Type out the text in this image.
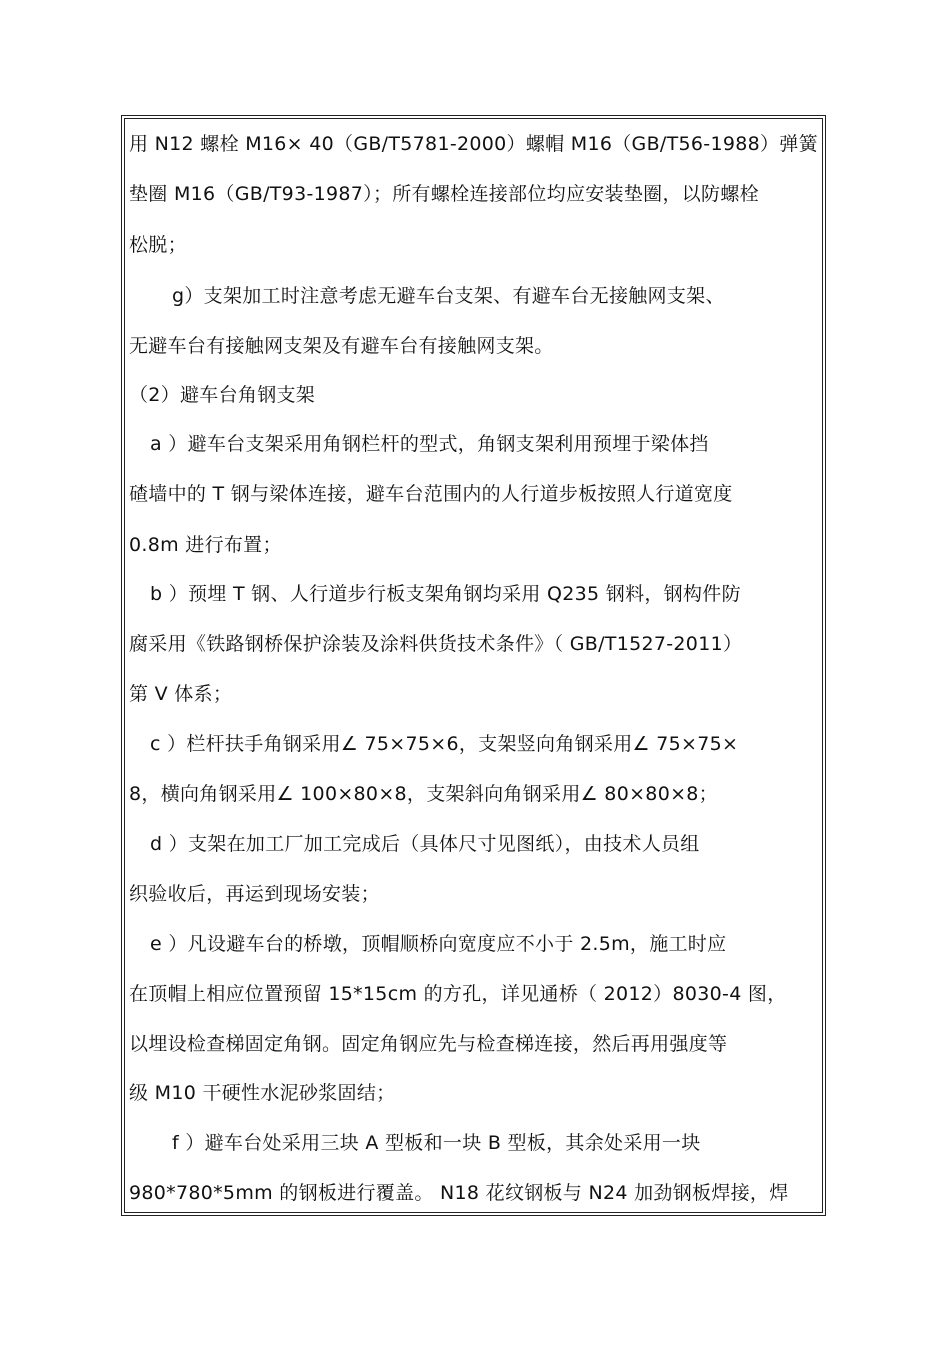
用 N12 螺栓 M16× 40（GB/T5781-2000）螺帽 M16（GB/T56-1988）弹簧
垫圈 M16（GB/T93-1987）；所有螺栓连接部位均应安装垫圈，以防螺栓
松脱；
g）支架加工时注意考虑无避车台支架、有避车台无接触网支架、
无避车台有接触网支架及有避车台有接触网支架。
（2）避车台角钢支架
a ）避车台支架采用角钢栏杆的型式，角钢支架利用预埋于梁体挡
碴墙中的 T 钢与梁体连接，避车台范围内的人行道步板按照人行道宽度
0.8m 进行布置；
b ）预埋 T 钢、人行道步行板支架角钢均采用 Q235 钢料，钢构件防
腐采用《铁路钢桥保护涂装及涂料供货技术条件》（ GB/T1527-2011）
第 V 体系；
c ）栏杆扶手角钢采用∠ 75×75×6，支架竖向角钢采用∠ 75×75×
8，横向角钢采用∠ 100×80×8，支架斜向角钢采用∠ 80×80×8；
d ）支架在加工厂加工完成后（具体尺寸见图纸），由技术人员组
织验收后，再运到现场安装；
e ）凡设避车台的桥墩，顶帽顺桥向宽度应不小于 2.5m，施工时应
在顶帽上相应位置预留 15*15cm 的方孔，详见通桥（ 2012）8030-4 图，
以埋设检查梯固定角钢。固定角钢应先与检查梯连接，然后再用强度等
级 M10 干硬性水泥砂浆固结；
f ）避车台处采用三块 A 型板和一块 B 型板，其余处采用一块
980*780*5mm 的钢板进行覆盖。 N18 花纹钢板与 N24 加劲钢板焊接，焊
